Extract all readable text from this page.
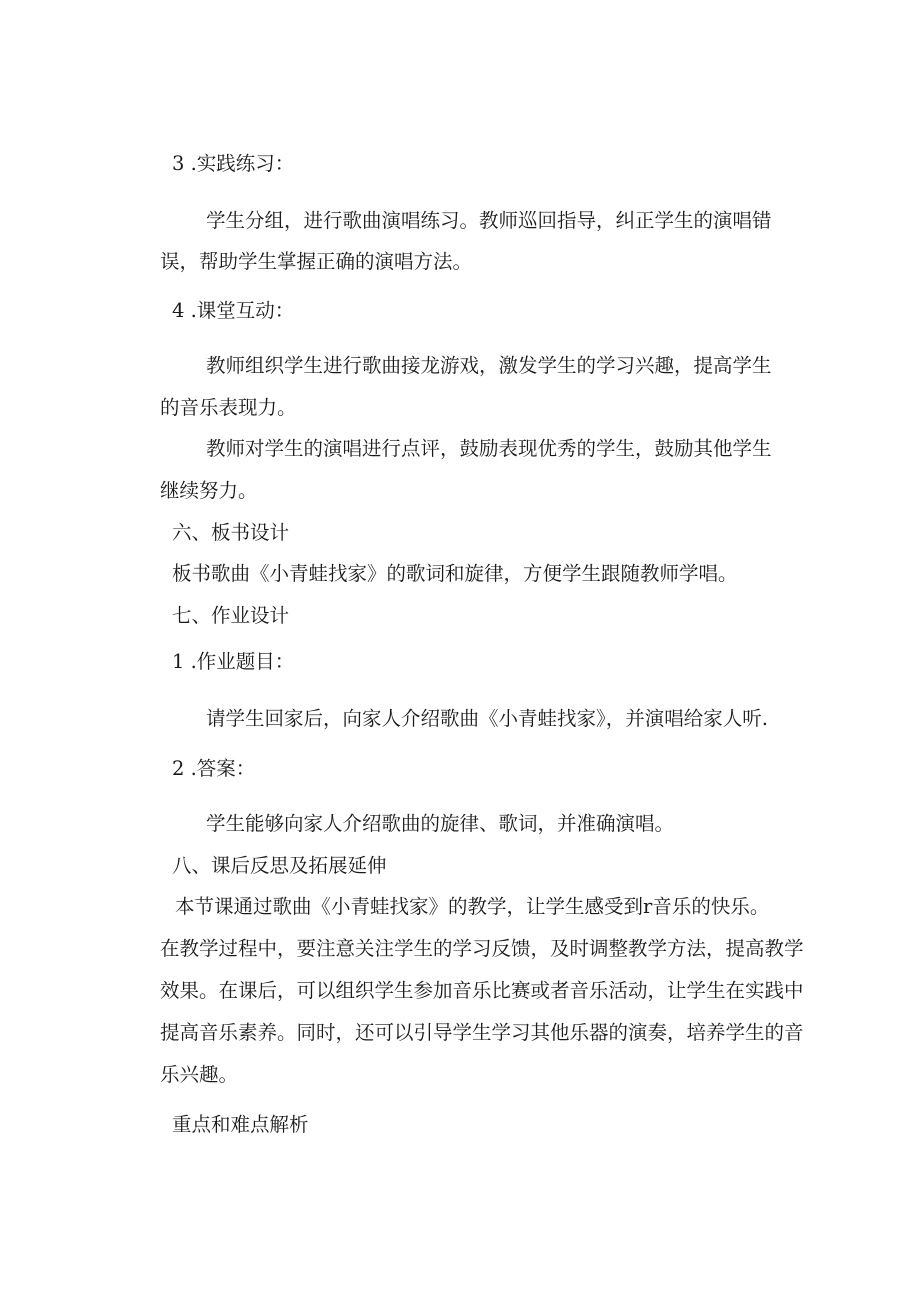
3 .实践练习：
学生分组，进行歌曲演唱练习。教师巡回指导，纠正学生的演唱错
误，帮助学生掌握正确的演唱方法。
4 .课堂互动：
教师组织学生进行歌曲接龙游戏，激发学生的学习兴趣，提高学生
的音乐表现力。
教师对学生的演唱进行点评，鼓励表现优秀的学生，鼓励其他学生
继续努力。
六、板书设计
板书歌曲《小青蛙找家》的歌词和旋律，方便学生跟随教师学唱。
七、作业设计
1 .作业题目：
请学生回家后，向家人介绍歌曲《小青蛙找家》，并演唱给家人听.
2 .答案：
学生能够向家人介绍歌曲的旋律、歌词，并准确演唱。
八、课后反思及拓展延伸
本节课通过歌曲《小青蛙找家》的教学，让学生感受到r音乐的快乐。
在教学过程中，要注意关注学生的学习反馈，及时调整教学方法，提高教学
效果。在课后，可以组织学生参加音乐比赛或者音乐活动，让学生在实践中
提高音乐素养。同时，还可以引导学生学习其他乐器的演奏，培养学生的音
乐兴趣。
重点和难点解析
